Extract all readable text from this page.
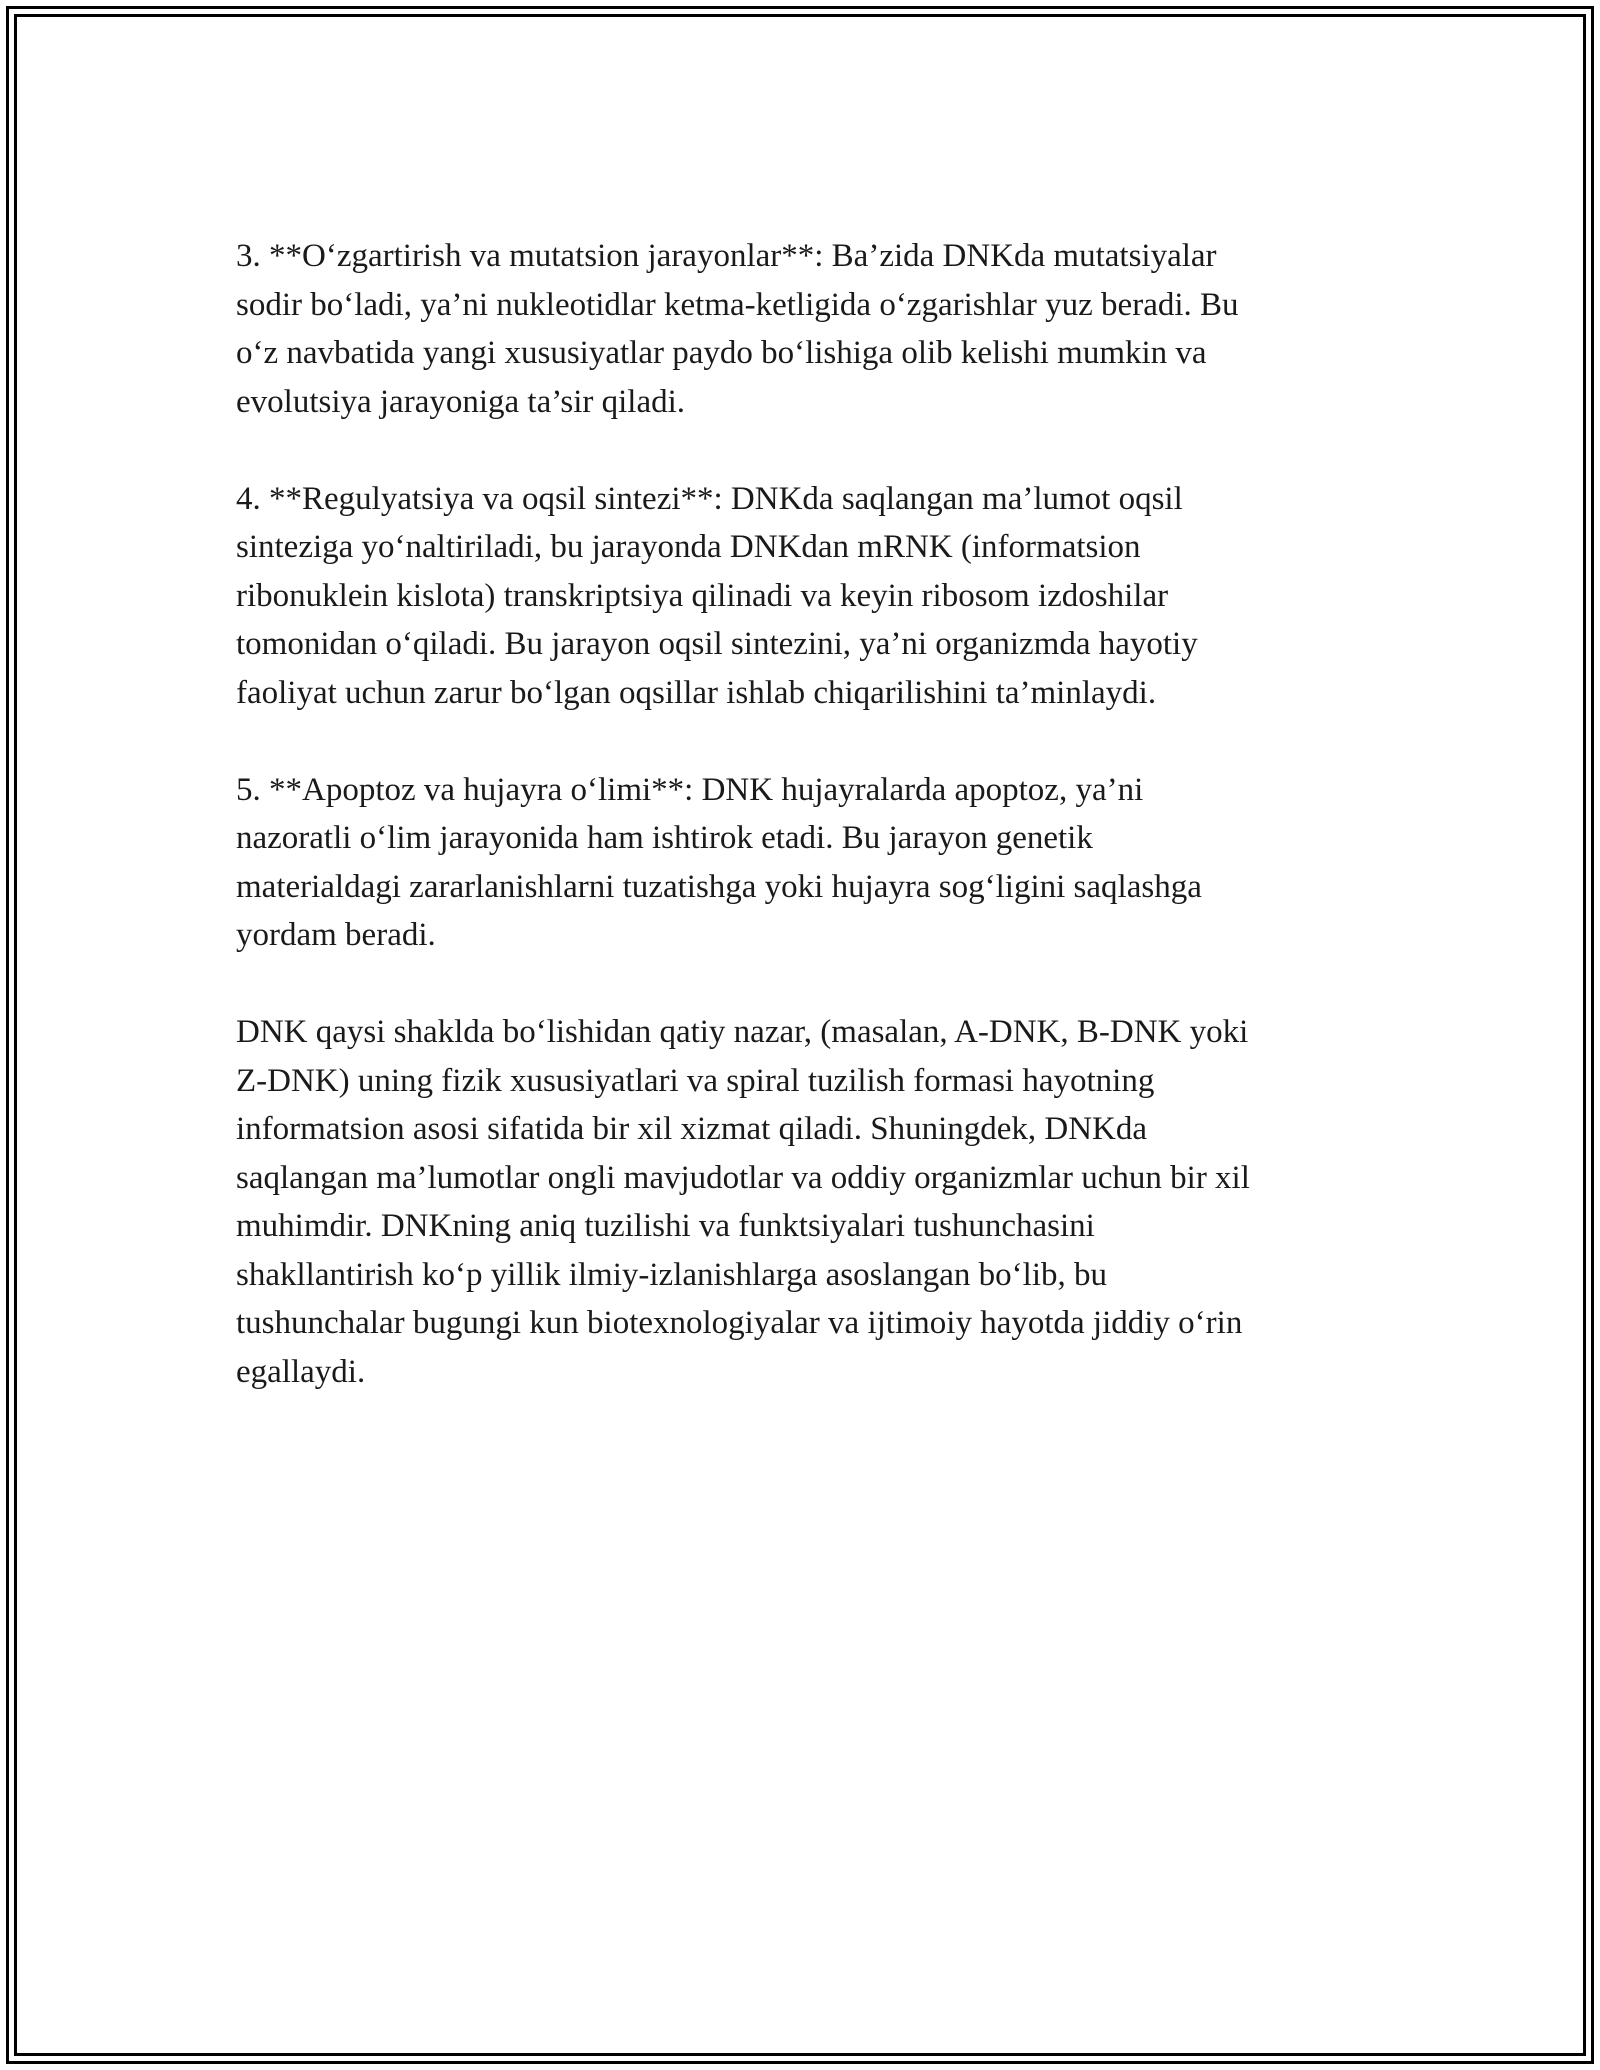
3. **O‘zgartirish va mutatsion jarayonlar**: Ba’zida DNKda mutatsiyalar
sodir bo‘ladi, ya’ni nukleotidlar ketma-ketligida o‘zgarishlar yuz beradi. Bu
o‘z navbatida yangi xususiyatlar paydo bo‘lishiga olib kelishi mumkin va
evolutsiya jarayoniga ta’sir qiladi.

4. **Regulyatsiya va oqsil sintezi**: DNKda saqlangan ma’lumot oqsil
sinteziga yo‘naltiriladi, bu jarayonda DNKdan mRNK (informatsion
ribonuklein kislota) transkriptsiya qilinadi va keyin ribosom izdoshilar
tomonidan o‘qiladi. Bu jarayon oqsil sintezini, ya’ni organizmda hayotiy
faoliyat uchun zarur bo‘lgan oqsillar ishlab chiqarilishini ta’minlaydi.

5. **Apoptoz va hujayra o‘limi**: DNK hujayralarda apoptoz, ya’ni
nazoratli o‘lim jarayonida ham ishtirok etadi. Bu jarayon genetik
materialdagi zararlanishlarni tuzatishga yoki hujayra sog‘ligini saqlashga
yordam beradi.

DNK qaysi shaklda bo‘lishidan qatiy nazar, (masalan, A-DNK, B-DNK yoki
Z-DNK) uning fizik xususiyatlari va spiral tuzilish formasi hayotning
informatsion asosi sifatida bir xil xizmat qiladi. Shuningdek, DNKda
saqlangan ma’lumotlar ongli mavjudotlar va oddiy organizmlar uchun bir xil
muhimdir. DNKning aniq tuzilishi va funktsiyalari tushunchasini
shakllantirish ko‘p yillik ilmiy-izlanishlarga asoslangan bo‘lib, bu
tushunchalar bugungi kun biotexnologiyalar va ijtimoiy hayotda jiddiy o‘rin
egallaydi.
